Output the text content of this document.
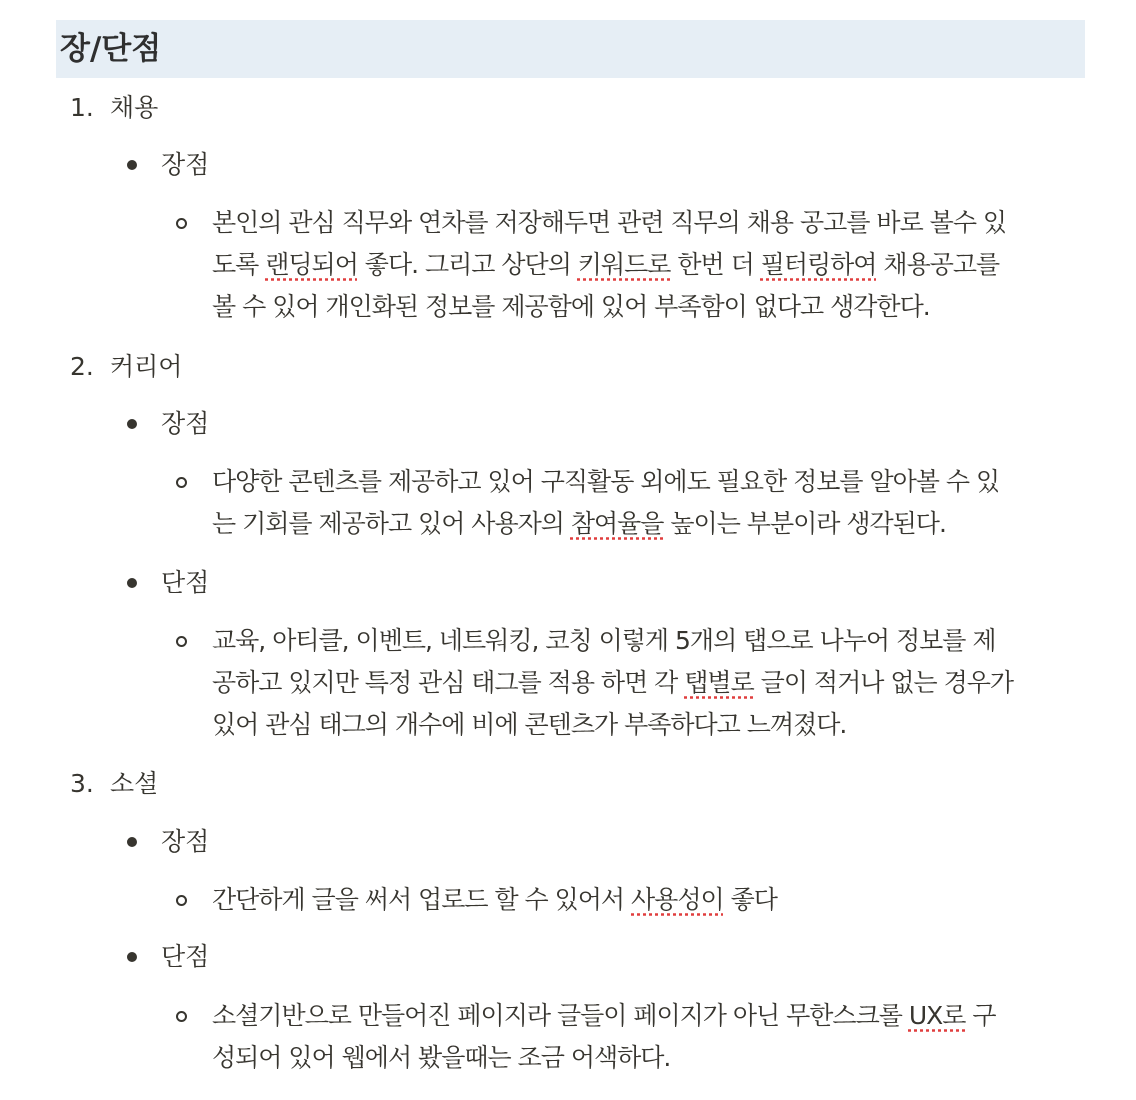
장/단점
1. 채용
장점
본인의 관심 직무와 연차를 저장해두면 관련 직무의 채용 공고를 바로 볼수 있
도록 랜딩되어 좋다. 그리고 상단의 키워드로 한번 더 필터링하여 채용공고를
볼 수 있어 개인화된 정보를 제공함에 있어 부족함이 없다고 생각한다.
2. 커리어
장점
다양한 콘텐츠를 제공하고 있어 구직활동 외에도 필요한 정보를 알아볼 수 있
는 기회를 제공하고 있어 사용자의 참여율을 높이는 부분이라 생각된다.
단점
교육, 아티클, 이벤트, 네트워킹, 코칭 이렇게 5개의 탭으로 나누어 정보를 제
공하고 있지만 특정 관심 태그를 적용 하면 각 탭별로 글이 적거나 없는 경우가
있어 관심 태그의 개수에 비에 콘텐츠가 부족하다고 느껴졌다.
3. 소셜
장점
간단하게 글을 써서 업로드 할 수 있어서 사용성이 좋다
단점
소셜기반으로 만들어진 페이지라 글들이 페이지가 아닌 무한스크롤 UX로 구
성되어 있어 웹에서 봤을때는 조금 어색하다.
